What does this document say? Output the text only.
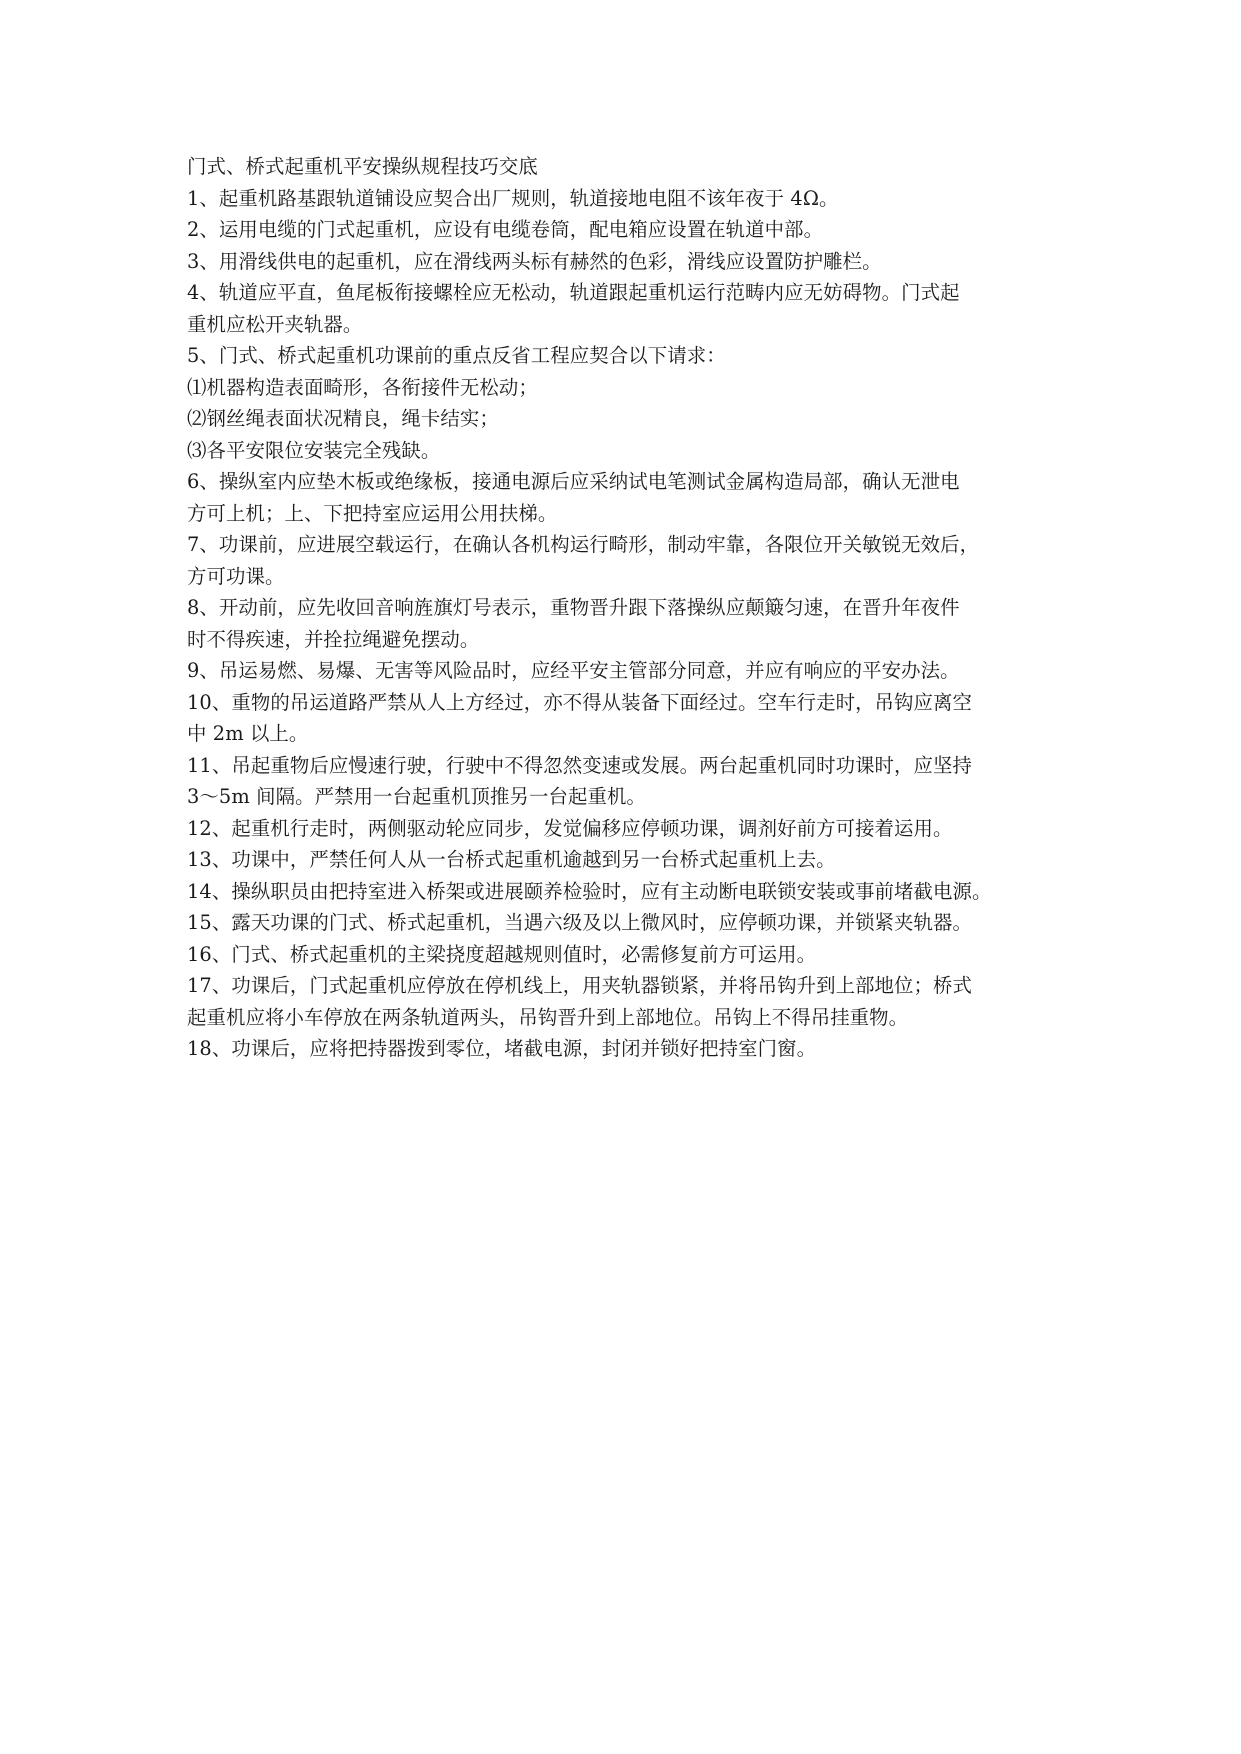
门式、桥式起重机平安操纵规程技巧交底
1、起重机路基跟轨道铺设应契合出厂规则，轨道接地电阻不该年夜于 4Ω。
2、运用电缆的门式起重机，应设有电缆卷筒，配电箱应设置在轨道中部。
3、用滑线供电的起重机，应在滑线两头标有赫然的色彩，滑线应设置防护雕栏。
4、轨道应平直，鱼尾板衔接螺栓应无松动，轨道跟起重机运行范畴内应无妨碍物。门式起
重机应松开夹轨器。
5、门式、桥式起重机功课前的重点反省工程应契合以下请求：
⑴机器构造表面畸形，各衔接件无松动；
⑵钢丝绳表面状况精良，绳卡结实；
⑶各平安限位安装完全残缺。
6、操纵室内应垫木板或绝缘板，接通电源后应采纳试电笔测试金属构造局部，确认无泄电
方可上机；上、下把持室应运用公用扶梯。
7、功课前，应进展空载运行，在确认各机构运行畸形，制动牢靠，各限位开关敏锐无效后，
方可功课。
8、开动前，应先收回音响旌旗灯号表示，重物晋升跟下落操纵应颠簸匀速，在晋升年夜件
时不得疾速，并拴拉绳避免摆动。
9、吊运易燃、易爆、无害等风险品时，应经平安主管部分同意，并应有响应的平安办法。
10、重物的吊运道路严禁从人上方经过，亦不得从装备下面经过。空车行走时，吊钩应离空
中 2m 以上。
11、吊起重物后应慢速行驶，行驶中不得忽然变速或发展。两台起重机同时功课时，应坚持
3～5m 间隔。严禁用一台起重机顶推另一台起重机。
12、起重机行走时，两侧驱动轮应同步，发觉偏移应停顿功课，调剂好前方可接着运用。
13、功课中，严禁任何人从一台桥式起重机逾越到另一台桥式起重机上去。
14、操纵职员由把持室进入桥架或进展颐养检验时，应有主动断电联锁安装或事前堵截电源。
15、露天功课的门式、桥式起重机，当遇六级及以上微风时，应停顿功课，并锁紧夹轨器。
16、门式、桥式起重机的主梁挠度超越规则值时，必需修复前方可运用。
17、功课后，门式起重机应停放在停机线上，用夹轨器锁紧，并将吊钩升到上部地位；桥式
起重机应将小车停放在两条轨道两头，吊钩晋升到上部地位。吊钩上不得吊挂重物。
18、功课后，应将把持器拨到零位，堵截电源，封闭并锁好把持室门窗。
